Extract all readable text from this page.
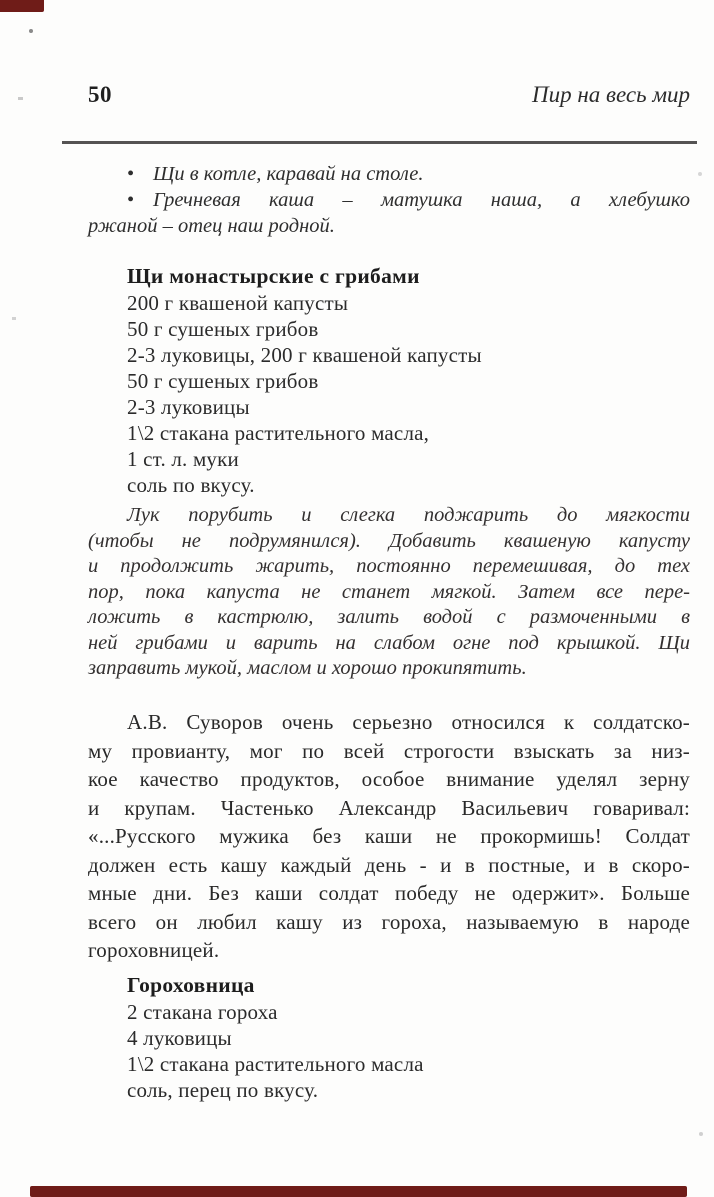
50	Пир на весь мир
• Щи в котле, каравай на столе.
• Гречневая каша – матушка наша, а хлебушко
ржаной – отец наш родной.
Щи монастырские с грибами
200 г квашеной капусты
50 г сушеных грибов
2-3 луковицы, 200 г квашеной капусты
50 г сушеных грибов
2-3 луковицы
1\2 стакана растительного масла,
1 ст. л. муки
соль по вкусу.
Лук порубить и слегка поджарить до мягкости
(чтобы не подрумянился). Добавить квашеную капусту
и продолжить жарить, постоянно перемешивая, до тех
пор, пока капуста не станет мягкой. Затем все пере-
ложить в кастрюлю, залить водой с размоченными в
ней грибами и варить на слабом огне под крышкой. Щи
заправить мукой, маслом и хорошо прокипятить.
А.В. Суворов очень серьезно относился к солдатско-
му провианту, мог по всей строгости взыскать за низ-
кое качество продуктов, особое внимание уделял зерну
и крупам. Частенько Александр Васильевич говаривал:
«...Русского мужика без каши не прокормишь! Солдат
должен есть кашу каждый день - и в постные, и в скоро-
мные дни. Без каши солдат победу не одержит». Больше
всего он любил кашу из гороха, называемую в народе
гороховницей.
Гороховница
2 стакана гороха
4 луковицы
1\2 стакана растительного масла
соль, перец по вкусу.
